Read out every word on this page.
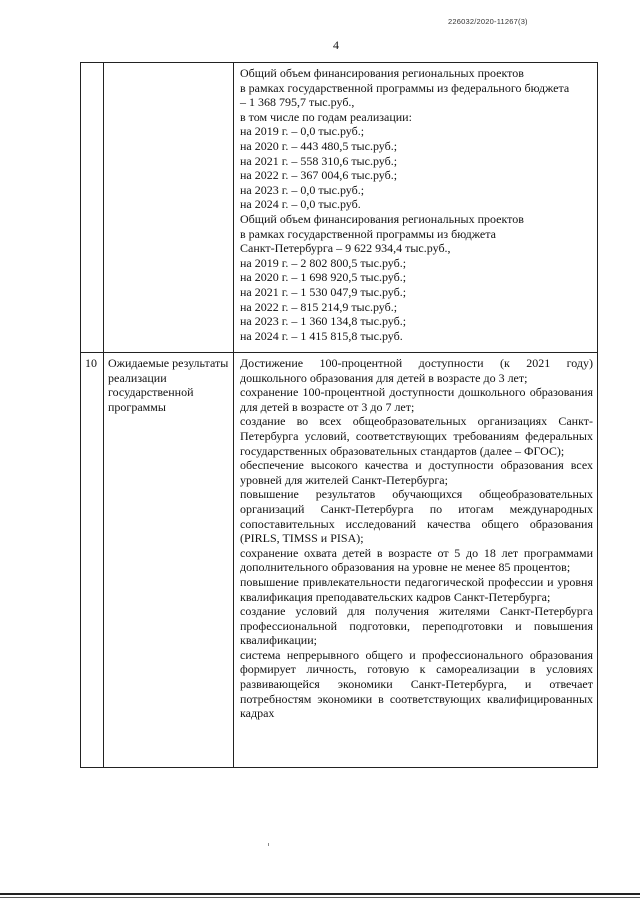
226032/2020-11267(3)
4

Общий объем финансирования региональных проектов

в рамках государственной программы из федерального бюджета

– 1 368 795,7 тыс.руб.,

в том числе по годам реализации:

на 2019 г. – 0,0 тыс.руб.;

на 2020 г. – 443 480,5 тыс.руб.;

на 2021 г. – 558 310,6 тыс.руб.;

на 2022 г. – 367 004,6 тыс.руб.;

на 2023 г. – 0,0 тыс.руб.;

на 2024 г. – 0,0 тыс.руб.

Общий объем финансирования региональных проектов

в рамках государственной программы из бюджета

Санкт-Петербурга – 9 622 934,4 тыс.руб.,

на 2019 г. – 2 802 800,5 тыс.руб.;

на 2020 г. – 1 698 920,5 тыс.руб.;

на 2021 г. – 1 530 047,9 тыс.руб.;

на 2022 г. – 815 214,9 тыс.руб.;

на 2023 г. – 1 360 134,8 тыс.руб.;

на 2024 г. – 1 415 815,8 тыс.руб.

10 Ожидаемые результаты реализации государственной программы

Достижение 100-процентной доступности (к 2021 году) дошкольного образования для детей в возрасте до 3 лет;

сохранение 100-процентной доступности дошкольного образования для детей в возрасте от 3 до 7 лет;

создание во всех общеобразовательных организациях Санкт-Петербурга условий, соответствующих требованиям федеральных государственных образовательных стандартов (далее – ФГОС);

обеспечение высокого качества и доступности образования всех уровней для жителей Санкт-Петербурга;

повышение результатов обучающихся общеобразовательных организаций Санкт-Петербурга по итогам международных сопоставительных исследований качества общего образования (PIRLS, TIMSS и PISA);

сохранение охвата детей в возрасте от 5 до 18 лет программами дополнительного образования на уровне не менее 85 процентов;

повышение привлекательности педагогической профессии и уровня квалификация преподавательских кадров Санкт-Петербурга;

создание условий для получения жителями Санкт-Петербурга профессиональной подготовки, переподготовки и повышения квалификации;

система непрерывного общего и профессионального образования формирует личность, готовую к самореализации в условиях развивающейся экономики Санкт-Петербурга, и отвечает потребностям экономики в соответствующих квалифицированных кадрах
